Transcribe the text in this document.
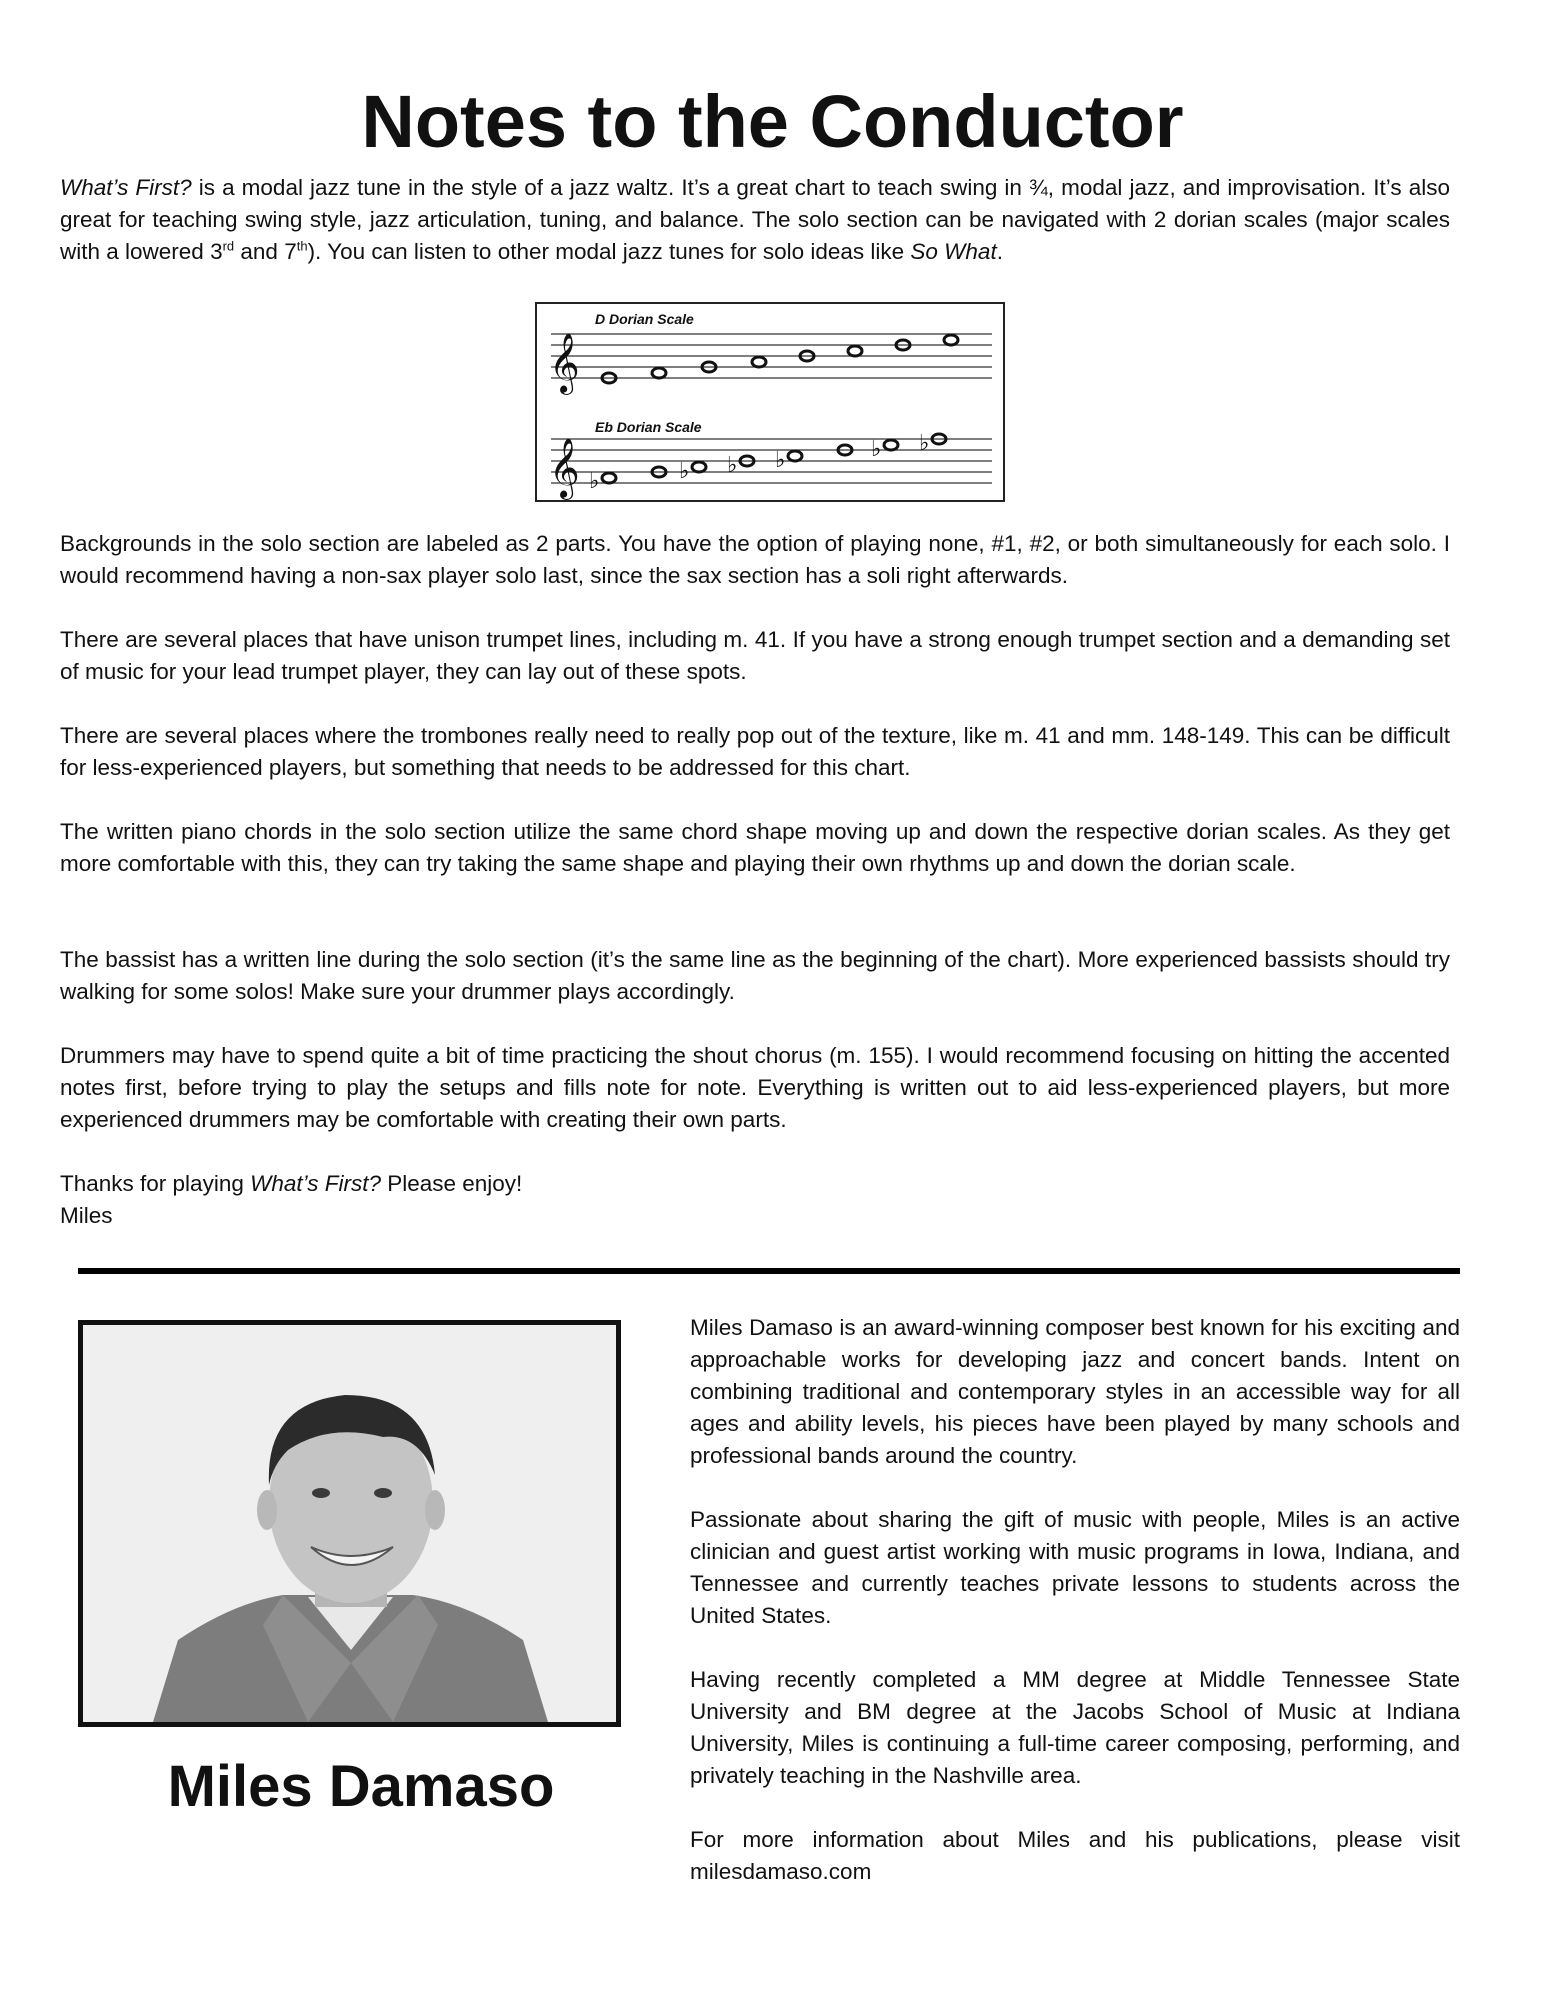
Notes to the Conductor

What’s First? is a modal jazz tune in the style of a jazz waltz. It’s a great chart to teach swing in ¾, modal jazz, and improvisation. It’s also great for teaching swing style, jazz articulation, tuning, and balance. The solo section can be navigated with 2 dorian scales (major scales with a lowered 3rd and 7th). You can listen to other modal jazz tunes for solo ideas like So What.

D Dorian Scale
𝄞
Eb Dorian Scale
𝄞 ♭	♭ ♭ ♭	♭ ♭

Backgrounds in the solo section are labeled as 2 parts. You have the option of playing none, #1, #2, or both simultaneously for each solo. I would recommend having a non-sax player solo last, since the sax section has a soli right afterwards.

There are several places that have unison trumpet lines, including m. 41. If you have a strong enough trumpet section and a demanding set of music for your lead trumpet player, they can lay out of these spots.

There are several places where the trombones really need to really pop out of the texture, like m. 41 and mm. 148-149. This can be difficult for less-experienced players, but something that needs to be addressed for this chart.

The written piano chords in the solo section utilize the same chord shape moving up and down the respective dorian scales. As they get more comfortable with this, they can try taking the same shape and playing their own rhythms up and down the dorian scale.

The bassist has a written line during the solo section (it’s the same line as the beginning of the chart). More experienced bassists should try walking for some solos! Make sure your drummer plays accordingly.

Drummers may have to spend quite a bit of time practicing the shout chorus (m. 155). I would recommend focusing on hitting the accented notes first, before trying to play the setups and fills note for note. Everything is written out to aid less-experienced players, but more experienced drummers may be comfortable with creating their own parts.

Thanks for playing What’s First? Please enjoy!

Miles
Miles Damaso

Miles Damaso is an award-winning composer best known for his exciting and approachable works for developing jazz and concert bands. Intent on combining traditional and contemporary styles in an accessible way for all ages and ability levels, his pieces have been played by many schools and professional bands around the country.

Passionate about sharing the gift of music with people, Miles is an active clinician and guest artist working with music programs in Iowa, Indiana, and Tennessee and currently teaches private lessons to students across the United States.

Having recently completed a MM degree at Middle Tennessee State University and BM degree at the Jacobs School of Music at Indiana University, Miles is continuing a full-time career composing, performing, and privately teaching in the Nashville area.

For more information about Miles and his publications, please visit milesdamaso.com
